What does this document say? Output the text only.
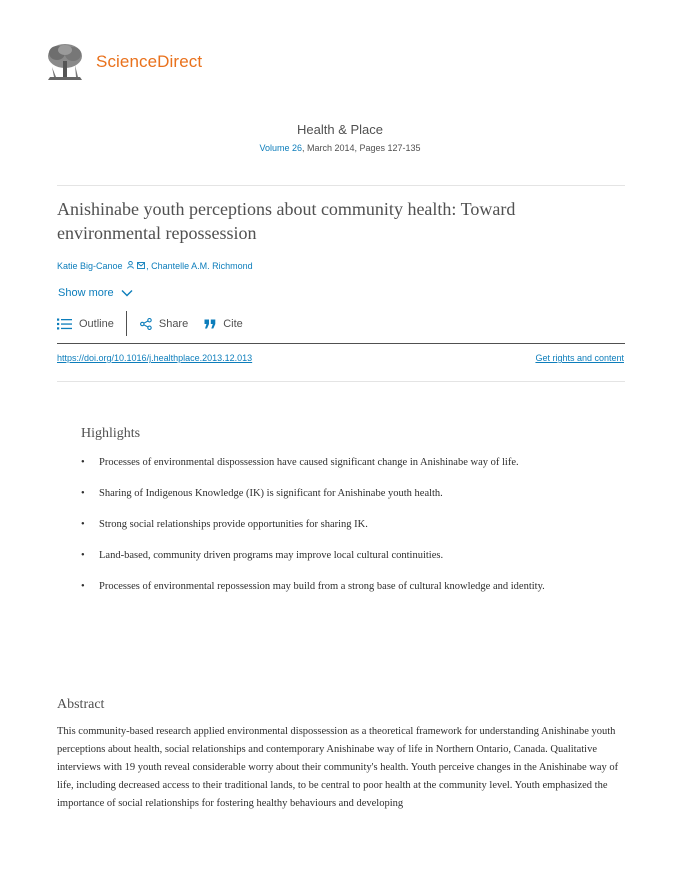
ScienceDirect
Health & Place
Volume 26, March 2014, Pages 127-135
Anishinabe youth perceptions about community health: Toward environmental repossession
Katie Big-Canoe	, Chantelle A.M. Richmond
Show more
Outline	Share	Cite
https://doi.org/10.1016/j.healthplace.2013.12.013	Get rights and content
Highlights
• Processes of environmental dispossession have caused significant change in Anishinabe way of life.
• Sharing of Indigenous Knowledge (IK) is significant for Anishinabe youth health.
• Strong social relationships provide opportunities for sharing IK.
• Land-based, community driven programs may improve local cultural continuities.
• Processes of environmental repossession may build from a strong base of cultural knowledge and identity.
Abstract

This community-based research applied environmental dispossession as a theoretical framework for understanding Anishinabe youth perceptions about health, social relationships and contemporary Anishinabe way of life in Northern Ontario, Canada. Qualitative interviews with 19 youth reveal considerable worry about their community's health. Youth perceive changes in the Anishinabe way of life, including decreased access to their traditional lands, to be central to poor health at the community level. Youth emphasized the importance of social relationships for fostering healthy behaviours and developing
